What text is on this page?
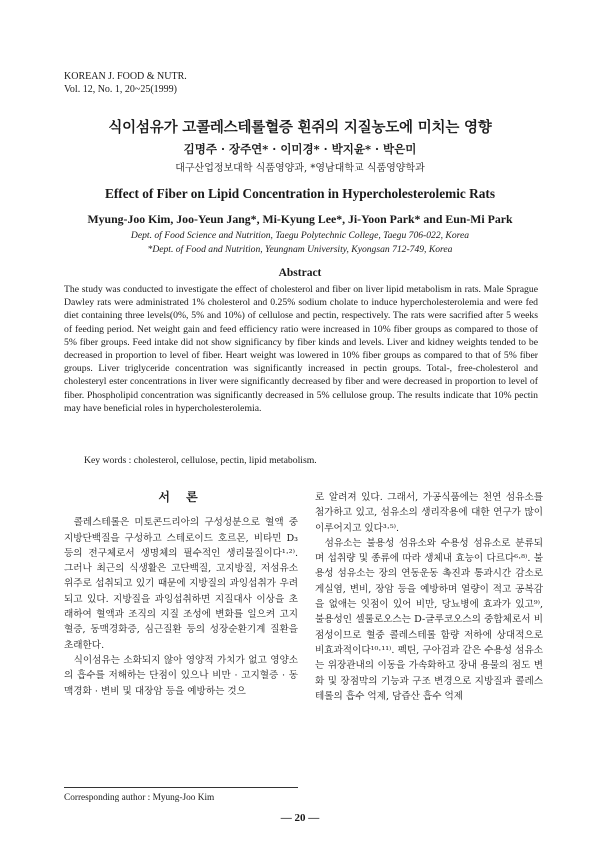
KOREAN J. FOOD & NUTR.
Vol. 12, No. 1, 20~25(1999)
식이섬유가 고콜레스테롤혈증 흰쥐의 지질농도에 미치는 영향
김명주 · 장주연* · 이미경* · 박지윤* · 박은미
대구산업정보대학 식품영양과, *영남대학교 식품영양학과
Effect of Fiber on Lipid Concentration in Hypercholesterolemic Rats
Myung-Joo Kim, Joo-Yeun Jang*, Mi-Kyung Lee*, Ji-Yoon Park* and Eun-Mi Park
Dept. of Food Science and Nutrition, Taegu Polytechnic College, Taegu 706-022, Korea
*Dept. of Food and Nutrition, Yeungnam University, Kyongsan 712-749, Korea
Abstract

The study was conducted to investigate the effect of cholesterol and fiber on liver lipid metabolism in rats. Male Sprague Dawley rats were administrated 1% cholesterol and 0.25% sodium cholate to induce hypercholesterolemia and were fed diet containing three levels(0%, 5% and 10%) of cellulose and pectin, respectively. The rats were sacrified after 5 weeks of feeding period. Net weight gain and feed efficiency ratio were increased in 10% fiber groups as compared to those of 5% fiber groups. Feed intake did not show significancy by fiber kinds and levels. Liver and kidney weights tended to be decreased in proportion to level of fiber. Heart weight was lowered in 10% fiber groups as compared to that of 5% fiber groups. Liver triglyceride concentration was significantly increased in pectin groups. Total-, free-cholesterol and cholesteryl ester concentrations in liver were significantly decreased by fiber and were decreased in proportion to level of fiber. Phospholipid concentration was significantly decreased in 5% cellulose group. The results indicate that 10% pectin may have beneficial roles in hypercholesterolemia.

Key words : cholesterol, cellulose, pectin, lipid metabolism.
서 론

콜레스테롤은 미토콘드리아의 구성성분으로 혈액 중 지방단백질을 구성하고 스테로이드 호르몬, 비타민 D₃ 등의 전구체로서 생명체의 필수적인 생리물질이다¹·²⁾. 그러나 최근의 식생활은 고단백질, 고지방질, 저섬유소 위주로 섭취되고 있기 때문에 지방질의 과잉섭취가 우려되고 있다. 지방질을 과잉섭취하면 지질대사 이상을 초래하여 혈액과 조직의 지질 조성에 변화를 일으켜 고지혈증, 동맥경화증, 심근질환 등의 성장순환기계 질환을 초래한다.

식이섬유는 소화되지 않아 영양적 가치가 없고 영양소의 흡수를 저해하는 단점이 있으나 비만 · 고지혈증 · 동맥경화 · 변비 및 대장암 등을 예방하는 것으

로 알려져 있다. 그래서, 가공식품에는 천연 섬유소를 첨가하고 있고, 섬유소의 생리작용에 대한 연구가 많이 이루어지고 있다³·⁵⁾.

섬유소는 불용성 섬유소와 수용성 섬유소로 분류되며 섭취량 및 종류에 따라 생체내 효능이 다르다⁶·⁸⁾. 불용성 섬유소는 장의 연동운동 촉진과 통과시간 감소로 게실염, 변비, 장암 등을 예방하며 열량이 적고 공복감을 없애는 잇점이 있어 비만, 당뇨병에 효과가 있고⁹⁾, 불용성인 셀룰로오스는 D-글루코오스의 중합체로서 비점성이므로 혈중 콜레스테롤 함량 저하에 상대적으로 비효과적이다¹⁰·¹¹⁾. 펙틴, 구아검과 같은 수용성 섬유소는 위장관내의 이동을 가속화하고 장내 용물의 점도 변화 및 장점막의 기능과 구조 변경으로 지방질과 콜레스테롤의 흡수 억제, 담즙산 흡수 억제

Corresponding author : Myung-Joo Kim
— 20 —
